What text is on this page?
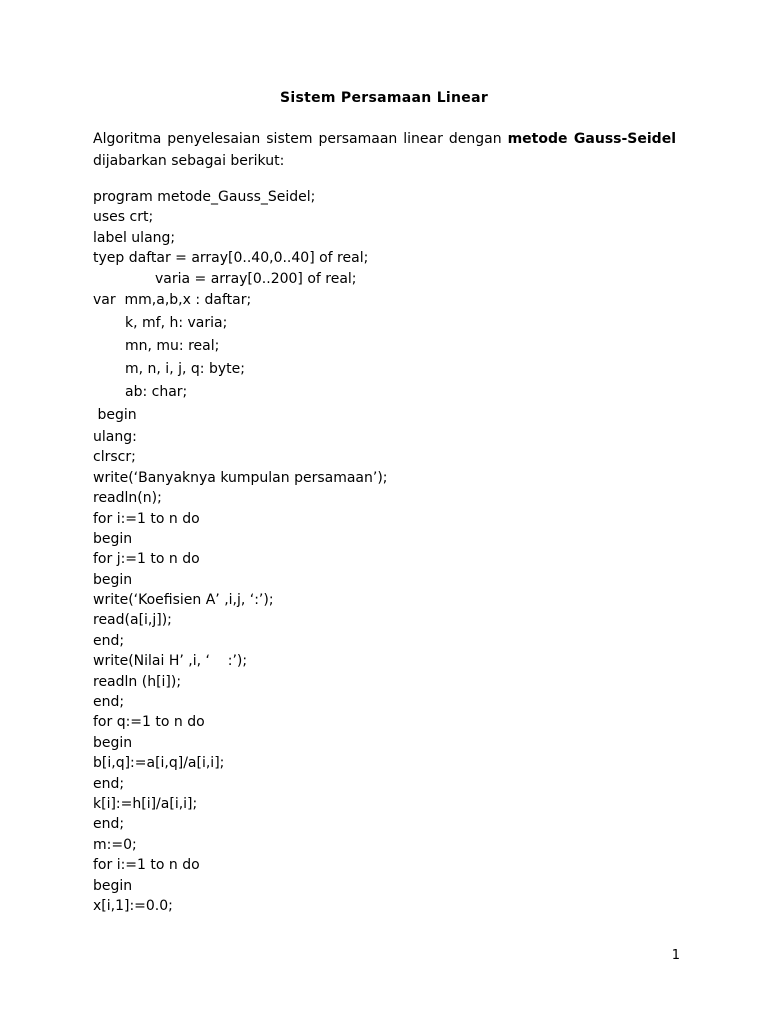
Sistem Persamaan Linear
Algoritma penyelesaian sistem persamaan linear dengan metode Gauss-Seidel
dijabarkan sebagai berikut:
program metode_Gauss_Seidel;
uses crt;
label ulang;
tyep daftar = array[0..40,0..40] of real;
varia = array[0..200] of real;
var  mm,a,b,x : daftar;
k, mf, h: varia;
mn, mu: real;
m, n, i, j, q: byte;
ab: char;
begin
ulang:
clrscr;
write(‘Banyaknya kumpulan persamaan’);
readln(n);
for i:=1 to n do
begin
for j:=1 to n do
begin
write(‘Koefisien A’ ,i,j, ‘:’);
read(a[i,j]);
end;
write(Nilai H’ ,i, ‘    :’);
readln (h[i]);
end;
for q:=1 to n do
begin
b[i,q]:=a[i,q]/a[i,i];
end;
k[i]:=h[i]/a[i,i];
end;
m:=0;
for i:=1 to n do
begin
x[i,1]:=0.0;
1
